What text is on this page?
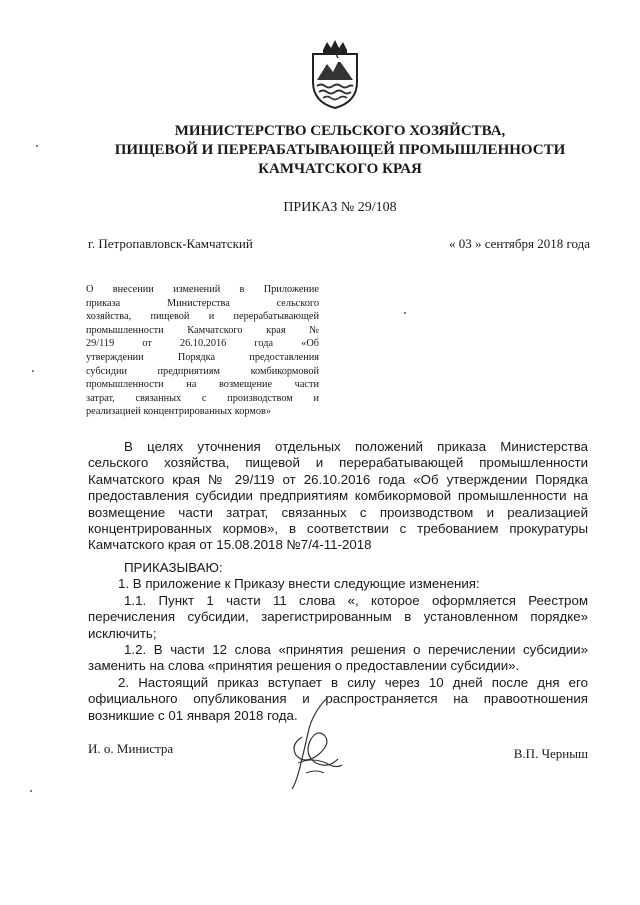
МИНИСТЕРСТВО СЕЛЬСКОГО ХОЗЯЙСТВА,
ПИЩЕВОЙ И ПЕРЕРАБАТЫВАЮЩЕЙ ПРОМЫШЛЕННОСТИ
КАМЧАТСКОГО КРАЯ
ПРИКАЗ № 29/108
г. Петропавловск-Камчатский	« 03 » сентября 2018 года
О внесении изменений в Приложение
приказа Министерства сельского
хозяйства, пищевой и перерабатывающей
промышленности Камчатского края №
29/119 от 26.10.2016 года «Об
утверждении Порядка предоставления
субсидии предприятиям комбикормовой
промышленности на возмещение части
затрат, связанных с производством и
реализацией концентрированных кормов»
В целях уточнения отдельных положений приказа Министерства
сельского хозяйства, пищевой и перерабатывающей промышленности
Камчатского края № 29/119 от 26.10.2016 года «Об утверждении Порядка
предоставления субсидии предприятиям комбикормовой промышленности на
возмещение части затрат, связанных с производством и реализацией
концентрированных кормов», в соответствии с требованием прокуратуры
Камчатского края от 15.08.2018 №7/4-11-2018
ПРИКАЗЫВАЮ:
1. В приложение к Приказу внести следующие изменения:
1.1. Пункт 1 части 11 слова «, которое оформляется Реестром
перечисления субсидии, зарегистрированным в установленном порядке»
исключить;
1.2. В части 12 слова «принятия решения о перечислении субсидии»
заменить на слова «принятия решения о предоставлении субсидии».
2. Настоящий приказ вступает в силу через 10 дней после дня его
официального опубликования и распространяется на правоотношения
возникшие с 01 января 2018 года.
И. о. Министра	В.П. Черныш
